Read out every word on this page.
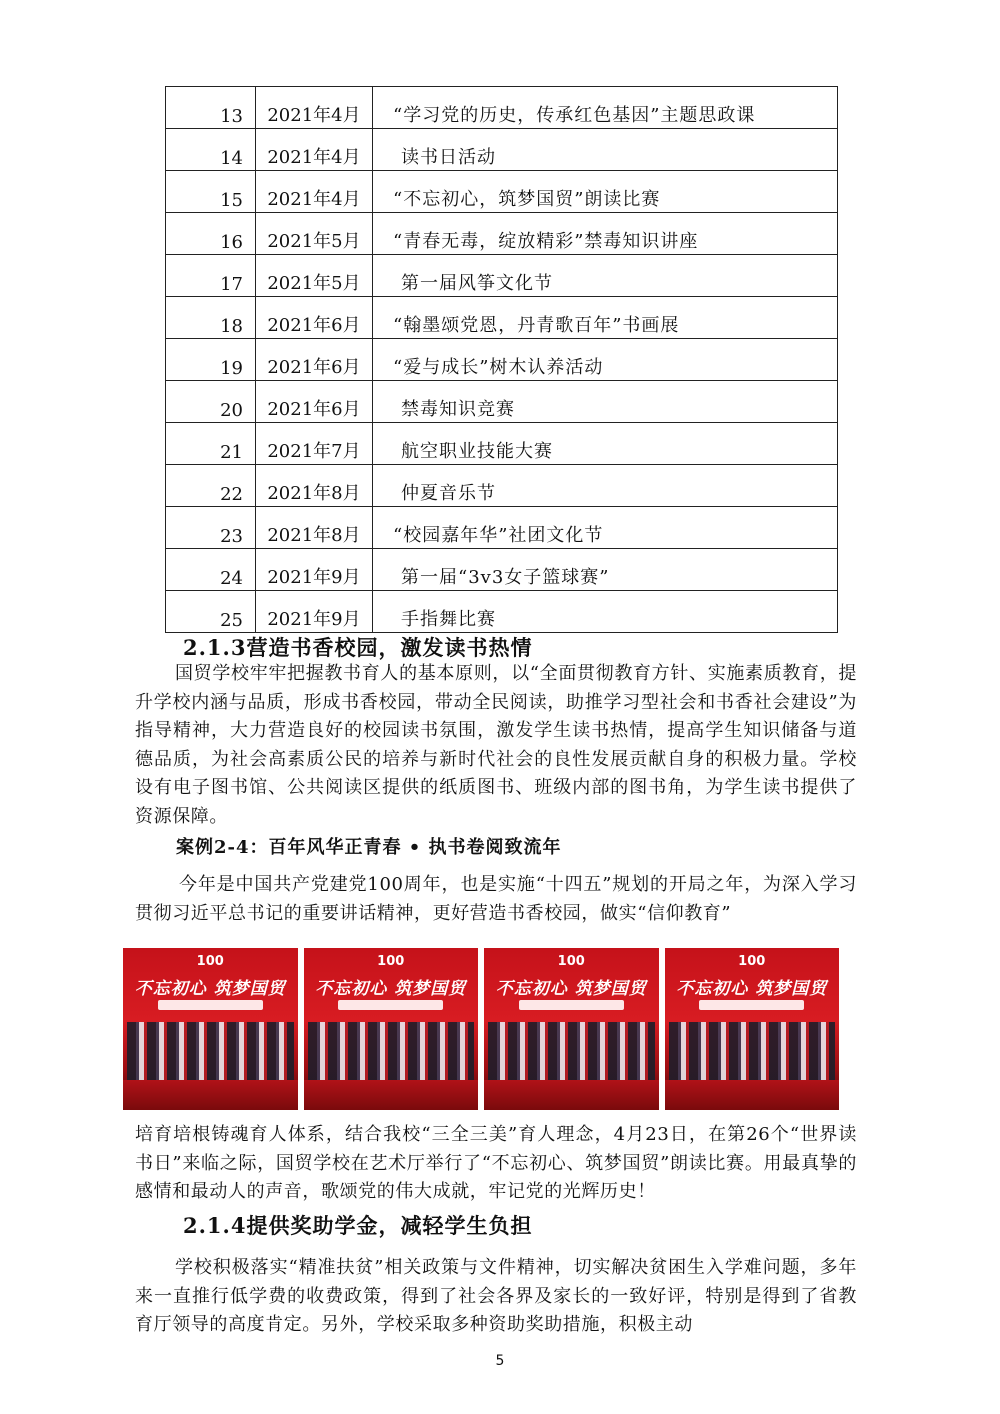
13	2021年4月	“学习党的历史，传承红色基因”主题思政课
14	2021年4月	读书日活动
15	2021年4月	“不忘初心，筑梦国贸”朗读比赛
16	2021年5月	“青春无毒，绽放精彩”禁毒知识讲座
17	2021年5月	第一届风筝文化节
18	2021年6月	“翰墨颂党恩，丹青歌百年”书画展
19	2021年6月	“爱与成长”树木认养活动
20	2021年6月	禁毒知识竞赛
21	2021年7月	航空职业技能大赛
22	2021年8月	仲夏音乐节
23	2021年8月	“校园嘉年华”社团文化节
24	2021年9月	第一届“3v3女子篮球赛”
25	2021年9月	手指舞比赛
2.1.3营造书香校园，激发读书热情
国贸学校牢牢把握教书育人的基本原则，以“全面贯彻教育方针、实施素质教育，提升学校内涵与品质，形成书香校园，带动全民阅读，助推学习型社会和书香社会建设”为指导精神，大力营造良好的校园读书氛围，激发学生读书热情，提高学生知识储备与道德品质，为社会高素质公民的培养与新时代社会的良性发展贡献自身的积极力量。学校设有电子图书馆、公共阅读区提供的纸质图书、班级内部的图书角，为学生读书提供了资源保障。
案例2-4：百年风华正青春 • 执书卷阅致流年
今年是中国共产党建党100周年，也是实施“十四五”规划的开局之年，为深入学习贯彻习近平总书记的重要讲话精神，更好营造书香校园，做实“信仰教育”
100
不忘初心 筑梦国贸
100
不忘初心 筑梦国贸
100
不忘初心 筑梦国贸
100
不忘初心 筑梦国贸
培育培根铸魂育人体系，结合我校“三全三美”育人理念，4月23日，在第26个“世界读书日”来临之际，国贸学校在艺术厅举行了“不忘初心、筑梦国贸”朗读比赛。用最真挚的感情和最动人的声音，歌颂党的伟大成就，牢记党的光辉历史！
2.1.4提供奖助学金，减轻学生负担
学校积极落实“精准扶贫”相关政策与文件精神，切实解决贫困生入学难问题，多年来一直推行低学费的收费政策，得到了社会各界及家长的一致好评，特别是得到了省教育厅领导的高度肯定。另外，学校采取多种资助奖助措施，积极主动
5
